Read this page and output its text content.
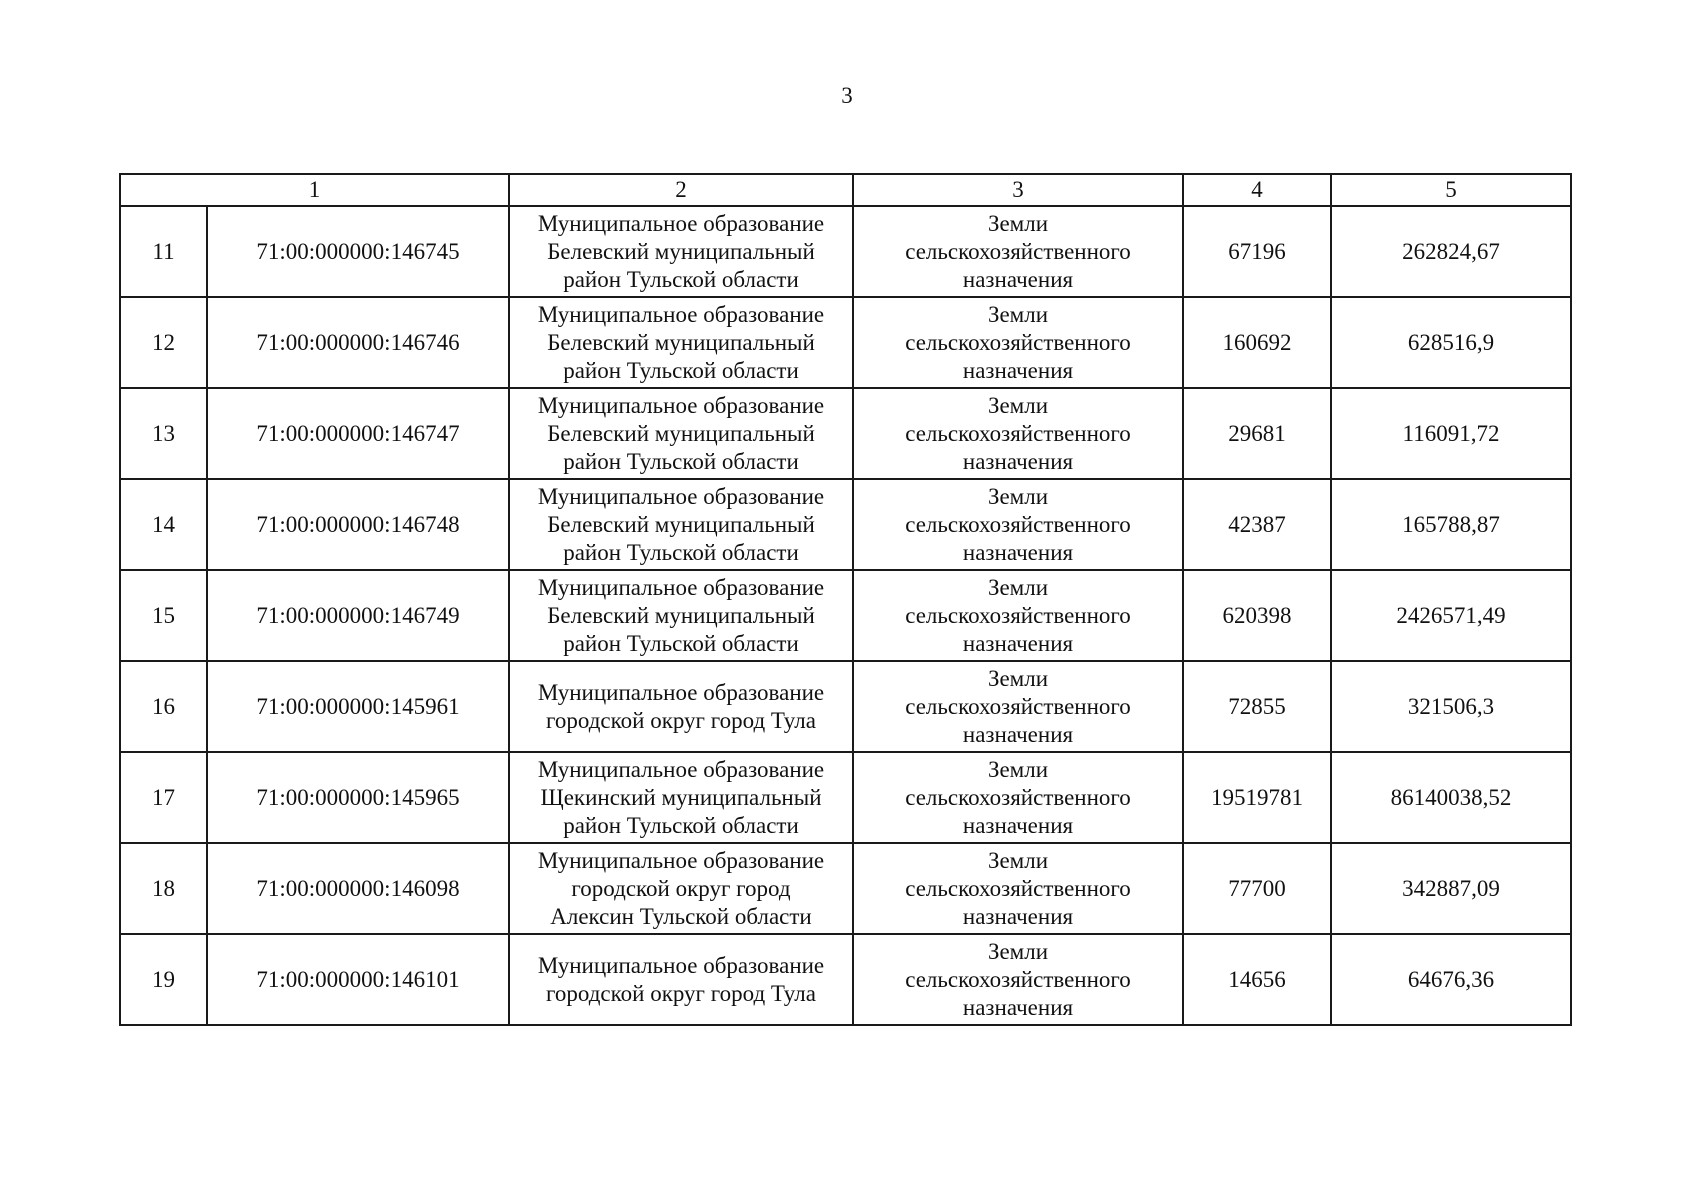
3
1		2	3	4	5
11	71:00:000000:146745	Муниципальное образование
Белевский муниципальный
район Тульской области	Земли
сельскохозяйственного
назначения	67196	262824,67
12	71:00:000000:146746	Муниципальное образование
Белевский муниципальный
район Тульской области	Земли
сельскохозяйственного
назначения	160692	628516,9
13	71:00:000000:146747	Муниципальное образование
Белевский муниципальный
район Тульской области	Земли
сельскохозяйственного
назначения	29681	116091,72
14	71:00:000000:146748	Муниципальное образование
Белевский муниципальный
район Тульской области	Земли
сельскохозяйственного
назначения	42387	165788,87
15	71:00:000000:146749	Муниципальное образование
Белевский муниципальный
район Тульской области	Земли
сельскохозяйственного
назначения	620398	2426571,49
16	71:00:000000:145961	Муниципальное образование
городской округ город Тула	Земли
сельскохозяйственного
назначения	72855	321506,3
17	71:00:000000:145965	Муниципальное образование
Щекинский муниципальный
район Тульской области	Земли
сельскохозяйственного
назначения	19519781	86140038,52
18	71:00:000000:146098	Муниципальное образование
городской округ город
Алексин Тульской области	Земли
сельскохозяйственного
назначения	77700	342887,09
19	71:00:000000:146101	Муниципальное образование
городской округ город Тула	Земли
сельскохозяйственного
назначения	14656	64676,36
